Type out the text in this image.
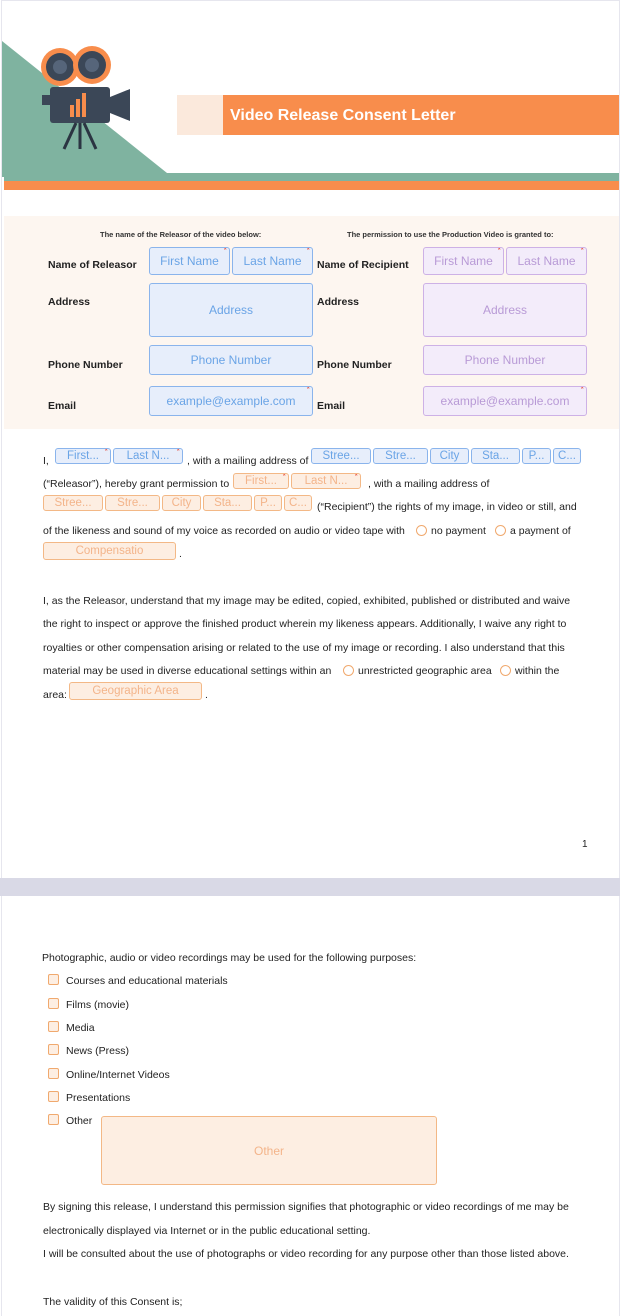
Video Release Consent Letter
The name of the Releasor of the video below:	The permission to use the Production Video is granted to:
Name of Releasor	First Name *	Last Name *
Address
Address
Phone Number	Phone Number
Email	example@example.com *
Name of Recipient	First Name *	Last Name *
Address
Address
Phone Number	Phone Number
Email	example@example.com *
I,	First... *	Last N... *	, with a mailing address of	Stree...	Stre...	City	Sta...	P...	C...
(“Releasor”), hereby grant permission to	First... *	Last N... *	, with a mailing address of
Stree...	Stre...	City	Sta...	P...	C... (“Recipient”) the rights of my image, in video or still, and
of the likeness and sound of my voice as recorded on audio or video tape with no payment a payment of
Compensatio	.
I, as the Releasor, understand that my image may be edited, copied, exhibited, published or distributed and waive
the right to inspect or approve the finished product wherein my likeness appears. Additionally, I waive any right to
royalties or other compensation arising or related to the use of my image or recording. I also understand that this
material may be used in diverse educational settings within an	unrestricted geographic area within the
area:	Geographic Area	.
1
Photographic, audio or video recordings may be used for the following purposes:
Courses and educational materials
Films (movie)
Media
News (Press)
Online/Internet Videos
Presentations
Other
Other
By signing this release, I understand this permission signifies that photographic or video recordings of me may be
electronically displayed via Internet or in the public educational setting.
I will be consulted about the use of photographs or video recording for any purpose other than those listed above.
The validity of this Consent is;
